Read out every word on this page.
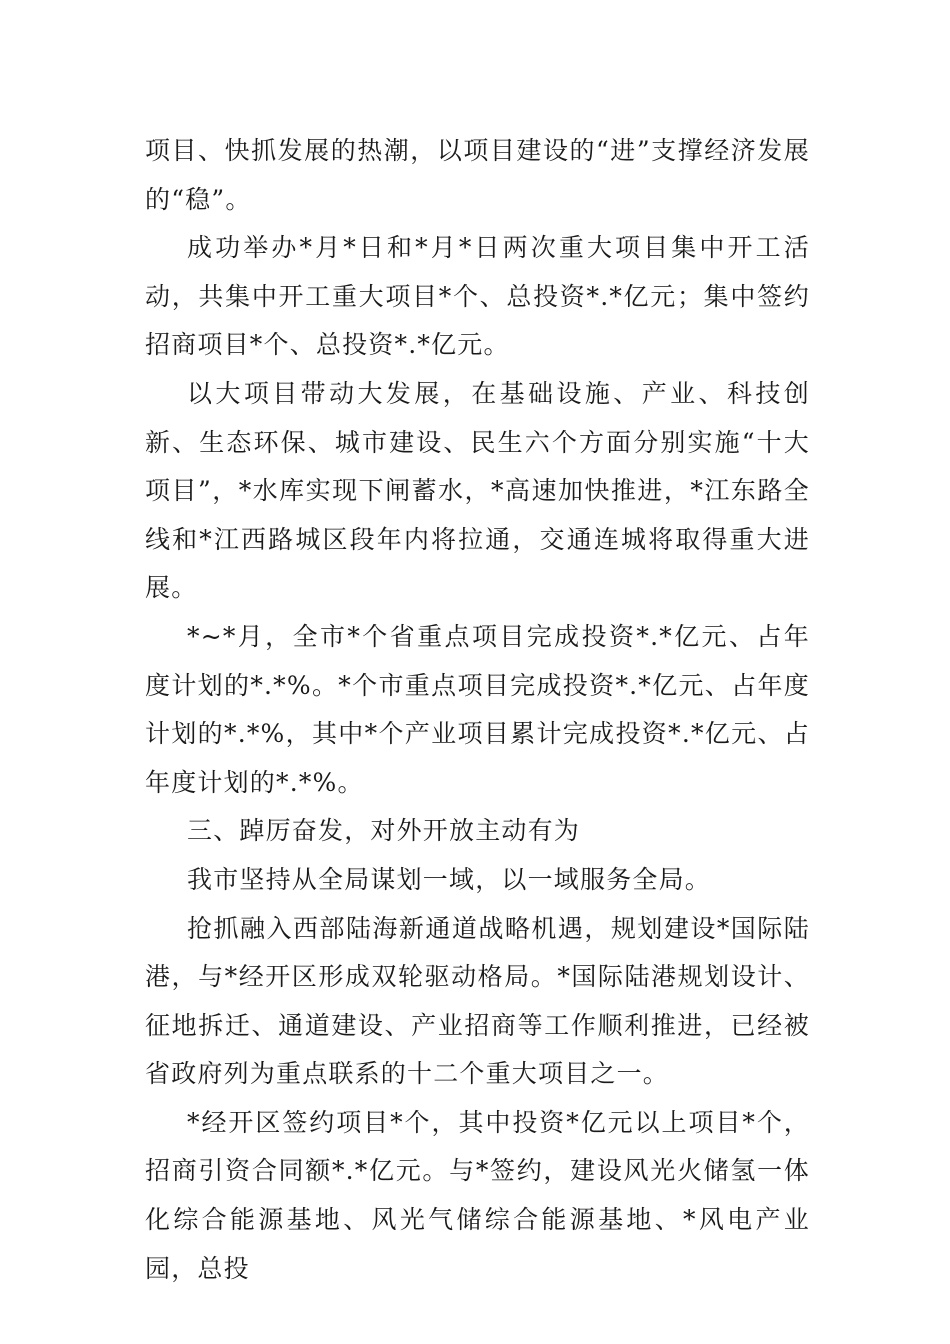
项目、快抓发展的热潮，以项目建设的“进”支撑经济发展的“稳”。

成功举办*月*日和*月*日两次重大项目集中开工活动，共集中开工重大项目*个、总投资*.*亿元；集中签约招商项目*个、总投资*.*亿元。

以大项目带动大发展，在基础设施、产业、科技创新、生态环保、城市建设、民生六个方面分别实施“十大项目”，*水库实现下闸蓄水，*高速加快推进，*江东路全线和*江西路城区段年内将拉通，交通连城将取得重大进展。

*~*月，全市*个省重点项目完成投资*.*亿元、占年度计划的*.*%。*个市重点项目完成投资*.*亿元、占年度计划的*.*%，其中*个产业项目累计完成投资*.*亿元、占年度计划的*.*%。

三、踔厉奋发，对外开放主动有为

我市坚持从全局谋划一域，以一域服务全局。

抢抓融入西部陆海新通道战略机遇，规划建设*国际陆港，与*经开区形成双轮驱动格局。*国际陆港规划设计、征地拆迁、通道建设、产业招商等工作顺利推进，已经被省政府列为重点联系的十二个重大项目之一。

*经开区签约项目*个，其中投资*亿元以上项目*个，招商引资合同额*.*亿元。与*签约，建设风光火储氢一体化综合能源基地、风光气储综合能源基地、*风电产业园，总投
